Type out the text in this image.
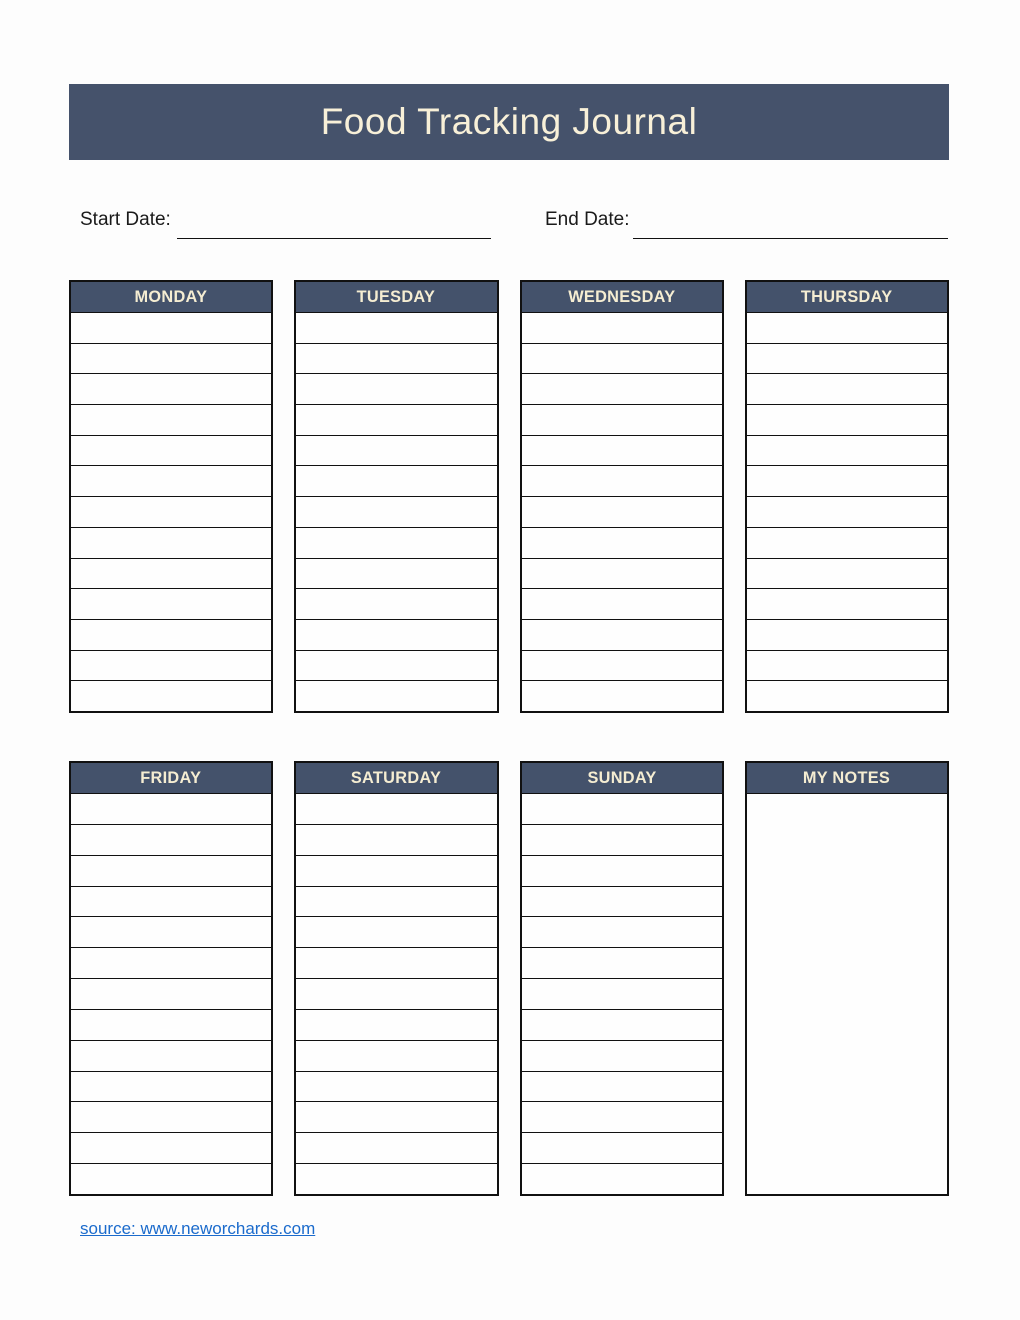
Food Tracking Journal
Start Date:	End Date:
MONDAY	TUESDAY	WEDNESDAY	THURSDAY
FRIDAY	SATURDAY	SUNDAY	MY NOTES
source: www.neworchards.com
